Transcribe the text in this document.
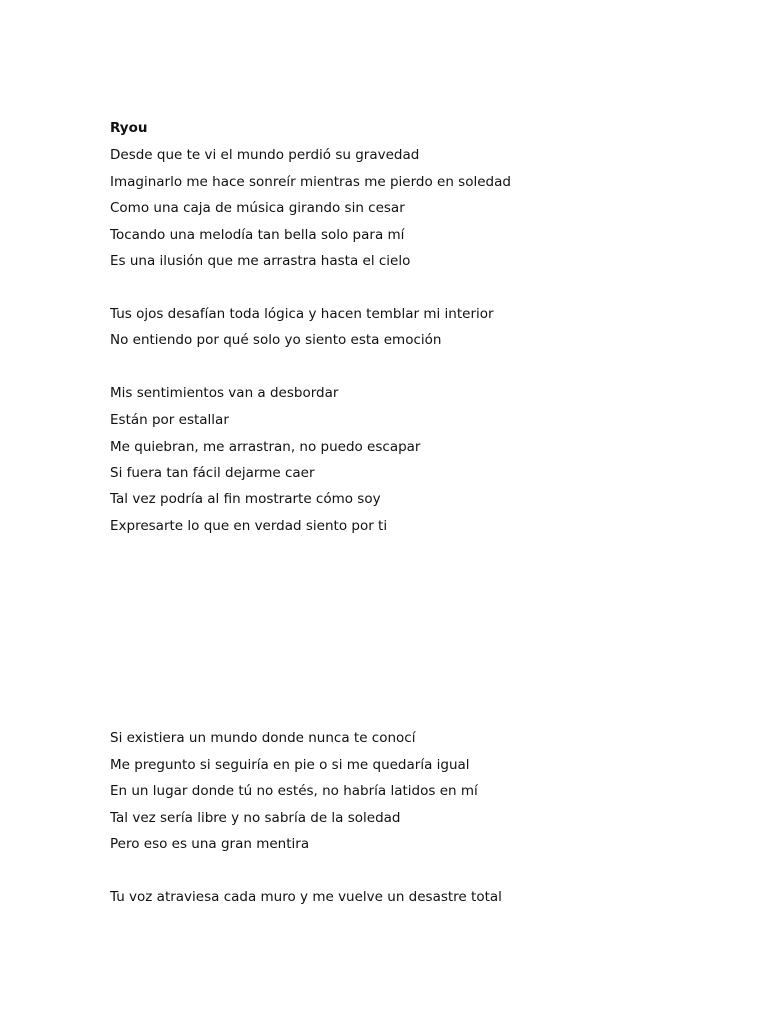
Ryou
Desde que te vi el mundo perdió su gravedad
Imaginarlo me hace sonreír mientras me pierdo en soledad
Como una caja de música girando sin cesar
Tocando una melodía tan bella solo para mí
Es una ilusión que me arrastra hasta el cielo
Tus ojos desafían toda lógica y hacen temblar mi interior
No entiendo por qué solo yo siento esta emoción
Mis sentimientos van a desbordar
Están por estallar
Me quiebran, me arrastran, no puedo escapar
Si fuera tan fácil dejarme caer
Tal vez podría al fin mostrarte cómo soy
Expresarte lo que en verdad siento por ti
Si existiera un mundo donde nunca te conocí
Me pregunto si seguiría en pie o si me quedaría igual
En un lugar donde tú no estés, no habría latidos en mí
Tal vez sería libre y no sabría de la soledad
Pero eso es una gran mentira
Tu voz atraviesa cada muro y me vuelve un desastre total
